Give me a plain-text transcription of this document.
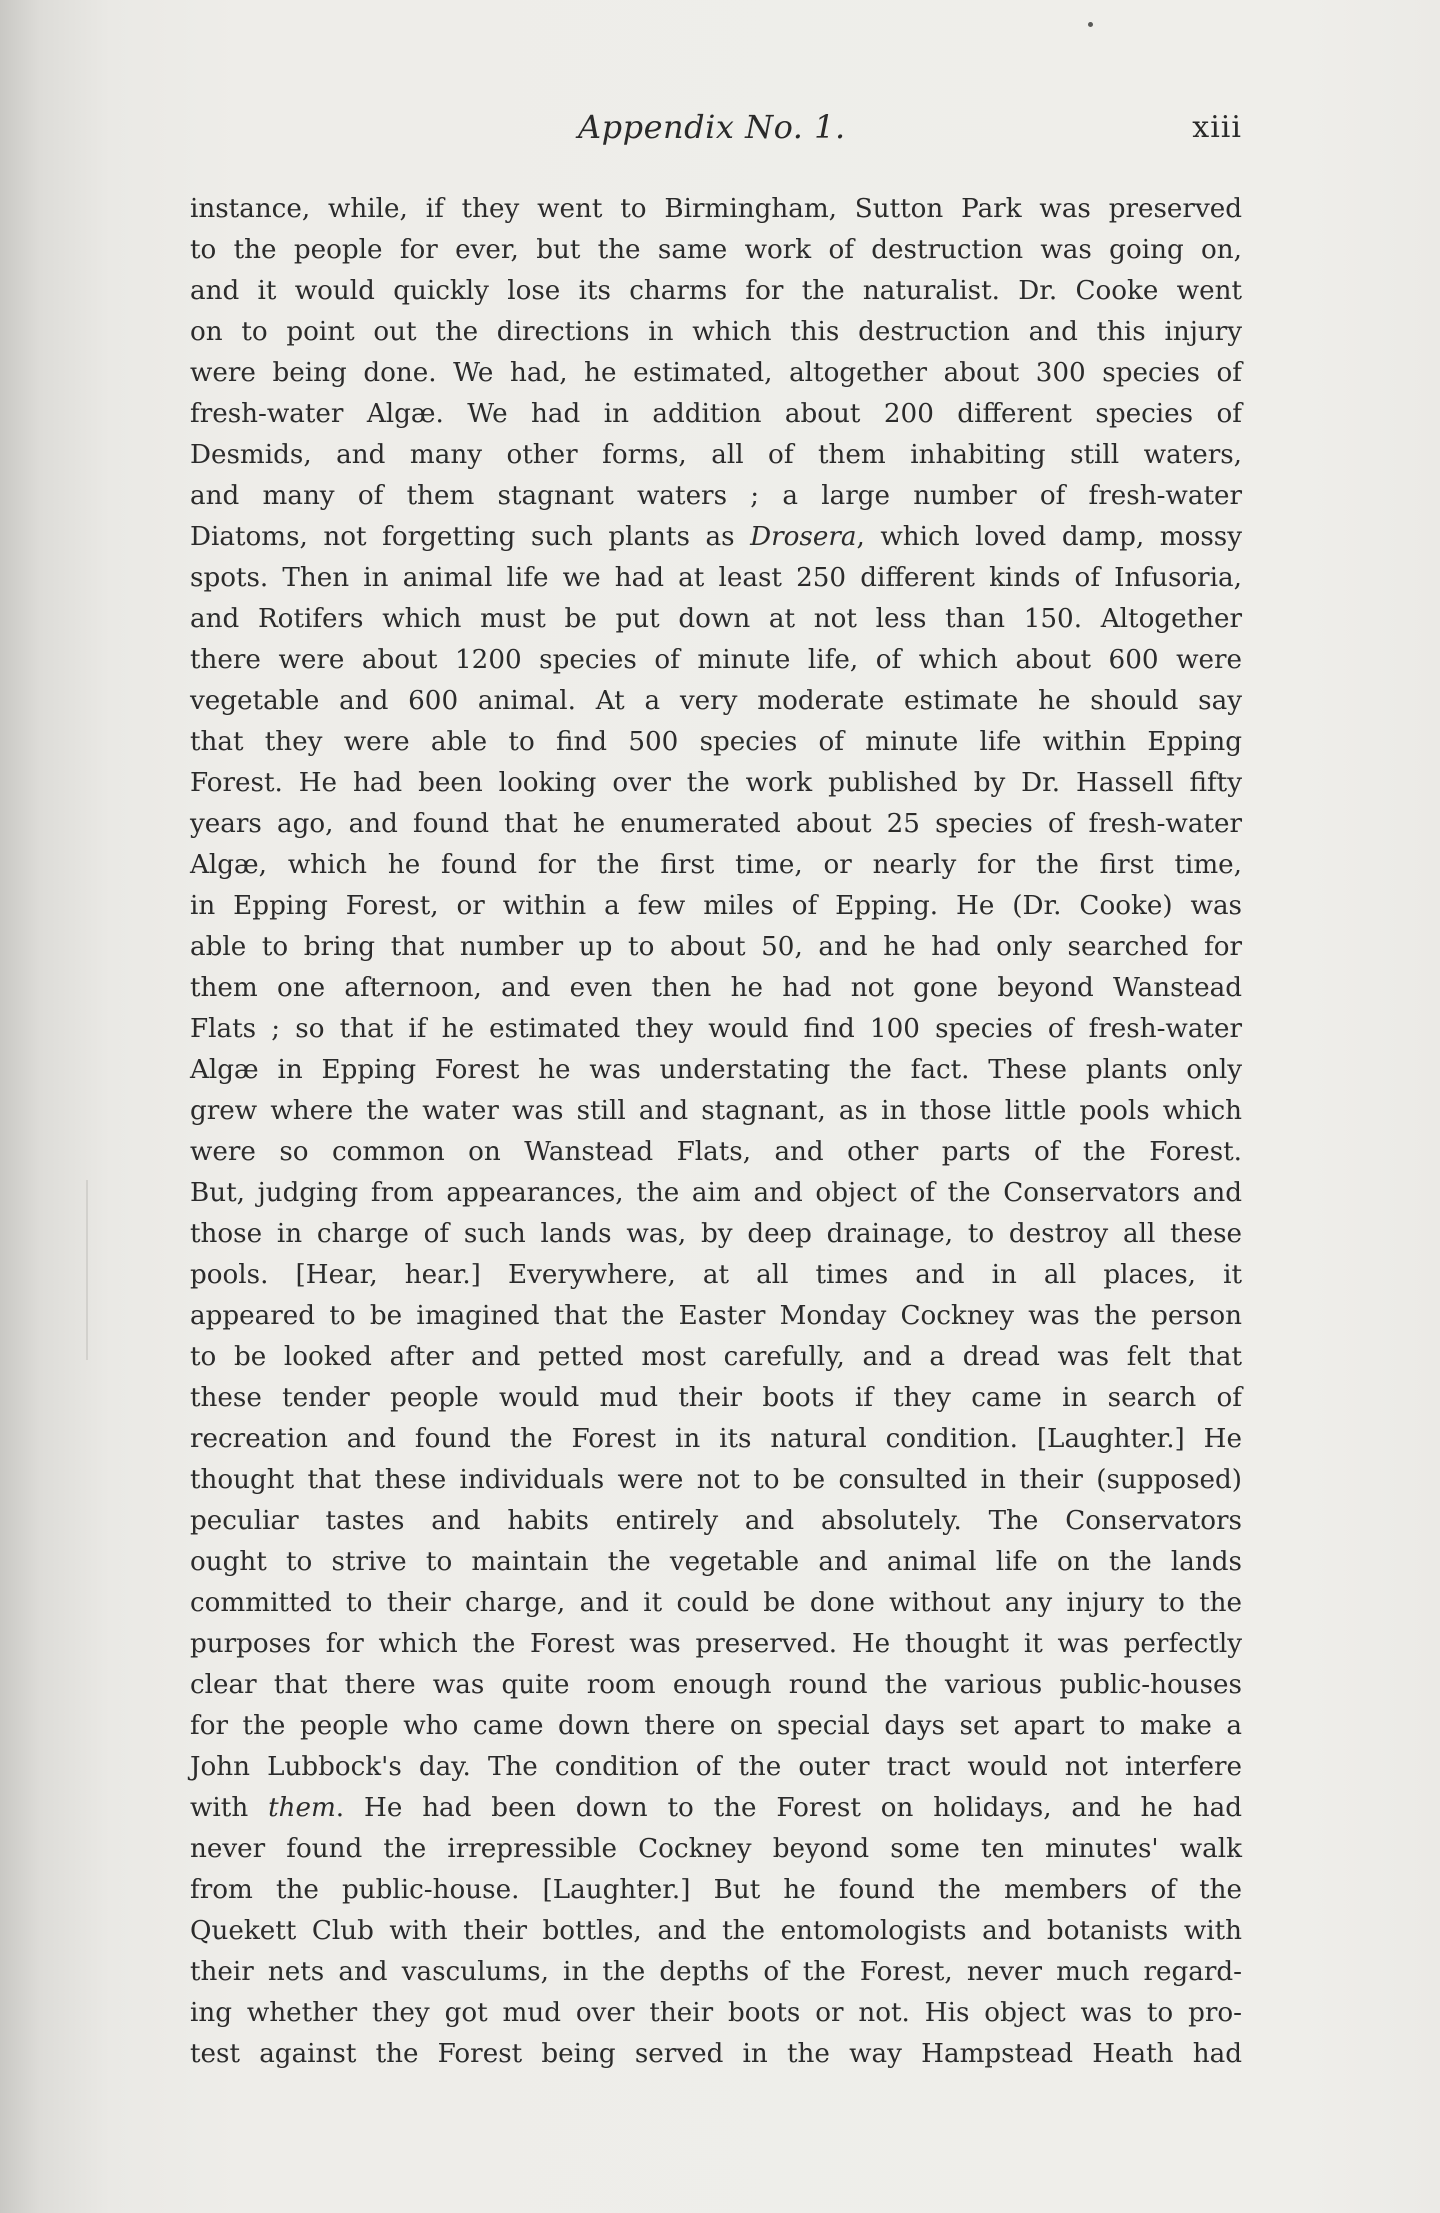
Appendix No. 1.	xiii
instance, while, if they went to Birmingham, Sutton Park was preserved
to the people for ever, but the same work of destruction was going on,
and it would quickly lose its charms for the naturalist. Dr. Cooke went
on to point out the directions in which this destruction and this injury
were being done. We had, he estimated, altogether about 300 species of
fresh-water Algæ. We had in addition about 200 different species of
Desmids, and many other forms, all of them inhabiting still waters,
and many of them stagnant waters ; a large number of fresh-water
Diatoms, not forgetting such plants as Drosera, which loved damp, mossy
spots. Then in animal life we had at least 250 different kinds of Infusoria,
and Rotifers which must be put down at not less than 150. Altogether
there were about 1200 species of minute life, of which about 600 were
vegetable and 600 animal. At a very moderate estimate he should say
that they were able to find 500 species of minute life within Epping
Forest. He had been looking over the work published by Dr. Hassell fifty
years ago, and found that he enumerated about 25 species of fresh-water
Algæ, which he found for the first time, or nearly for the first time,
in Epping Forest, or within a few miles of Epping. He (Dr. Cooke) was
able to bring that number up to about 50, and he had only searched for
them one afternoon, and even then he had not gone beyond Wanstead
Flats ; so that if he estimated they would find 100 species of fresh-water
Algæ in Epping Forest he was understating the fact. These plants only
grew where the water was still and stagnant, as in those little pools which
were so common on Wanstead Flats, and other parts of the Forest.
But, judging from appearances, the aim and object of the Conservators and
those in charge of such lands was, by deep drainage, to destroy all these
pools. [Hear, hear.] Everywhere, at all times and in all places, it
appeared to be imagined that the Easter Monday Cockney was the person
to be looked after and petted most carefully, and a dread was felt that
these tender people would mud their boots if they came in search of
recreation and found the Forest in its natural condition. [Laughter.] He
thought that these individuals were not to be consulted in their (supposed)
peculiar tastes and habits entirely and absolutely. The Conservators
ought to strive to maintain the vegetable and animal life on the lands
committed to their charge, and it could be done without any injury to the
purposes for which the Forest was preserved. He thought it was perfectly
clear that there was quite room enough round the various public-houses
for the people who came down there on special days set apart to make a
John Lubbock's day. The condition of the outer tract would not interfere
with them. He had been down to the Forest on holidays, and he had
never found the irrepressible Cockney beyond some ten minutes' walk
from the public-house. [Laughter.] But he found the members of the
Quekett Club with their bottles, and the entomologists and botanists with
their nets and vasculums, in the depths of the Forest, never much regard-
ing whether they got mud over their boots or not. His object was to pro-
test against the Forest being served in the way Hampstead Heath had
